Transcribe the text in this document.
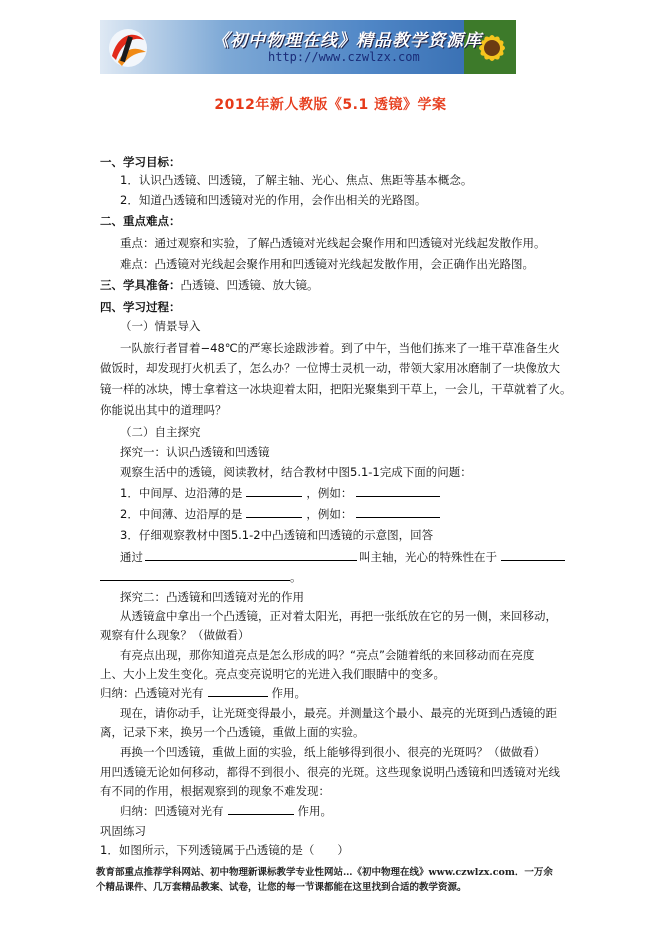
《初中物理在线》精品教学资源库
http://www.czwlzx.com
2012年新人教版《5.1 透镜》学案
一、学习目标：
1．认识凸透镜、凹透镜，了解主轴、光心、焦点、焦距等基本概念。
2．知道凸透镜和凹透镜对光的作用，会作出相关的光路图。
二、重点难点：
重点：通过观察和实验，了解凸透镜对光线起会聚作用和凹透镜对光线起发散作用。
难点：凸透镜对光线起会聚作用和凹透镜对光线起发散作用，会正确作出光路图。
三、学具准备：凸透镜、凹透镜、放大镜。
四、学习过程：
（一）情景导入
一队旅行者冒着−48℃的严寒长途跋涉着。到了中午，当他们拣来了一堆干草准备生火
做饭时，却发现打火机丢了，怎么办？一位博士灵机一动，带领大家用冰磨制了一块像放大
镜一样的冰块，博士拿着这一冰块迎着太阳，把阳光聚集到干草上，一会儿，干草就着了火。
你能说出其中的道理吗？
（二）自主探究
探究一：认识凸透镜和凹透镜
观察生活中的透镜，阅读教材，结合教材中图5.1-1完成下面的问题：
1．中间厚、边沿薄的是	，例如：
2．中间薄、边沿厚的是	，例如：
3．仔细观察教材中图5.1-2中凸透镜和凹透镜的示意图，回答
通过	叫主轴，光心的特殊性在于
。
探究二：凸透镜和凹透镜对光的作用
从透镜盒中拿出一个凸透镜，正对着太阳光，再把一张纸放在它的另一侧，来回移动，
观察有什么现象？（做做看）
有亮点出现，那你知道亮点是怎么形成的吗？“亮点”会随着纸的来回移动而在亮度
上、大小上发生变化。亮点变亮说明它的光进入我们眼睛中的变多。
归纳：凸透镜对光有	作用。
现在，请你动手，让光斑变得最小，最亮。并测量这个最小、最亮的光斑到凸透镜的距
离，记录下来，换另一个凸透镜，重做上面的实验。
再换一个凹透镜，重做上面的实验，纸上能够得到很小、很亮的光斑吗？（做做看）
用凹透镜无论如何移动，都得不到很小、很亮的光斑。这些现象说明凸透镜和凹透镜对光线
有不同的作用，根据观察到的现象不难发现：
归纳：凹透镜对光有	作用。
巩固练习
1．如图所示，下列透镜属于凸透镜的是（　　）
教育部重点推荐学科网站、初中物理新课标教学专业性网站…《初中物理在线》www.czwlzx.com．一万余
个精品课件、几万套精品教案、试卷，让您的每一节课都能在这里找到合适的教学资源。
